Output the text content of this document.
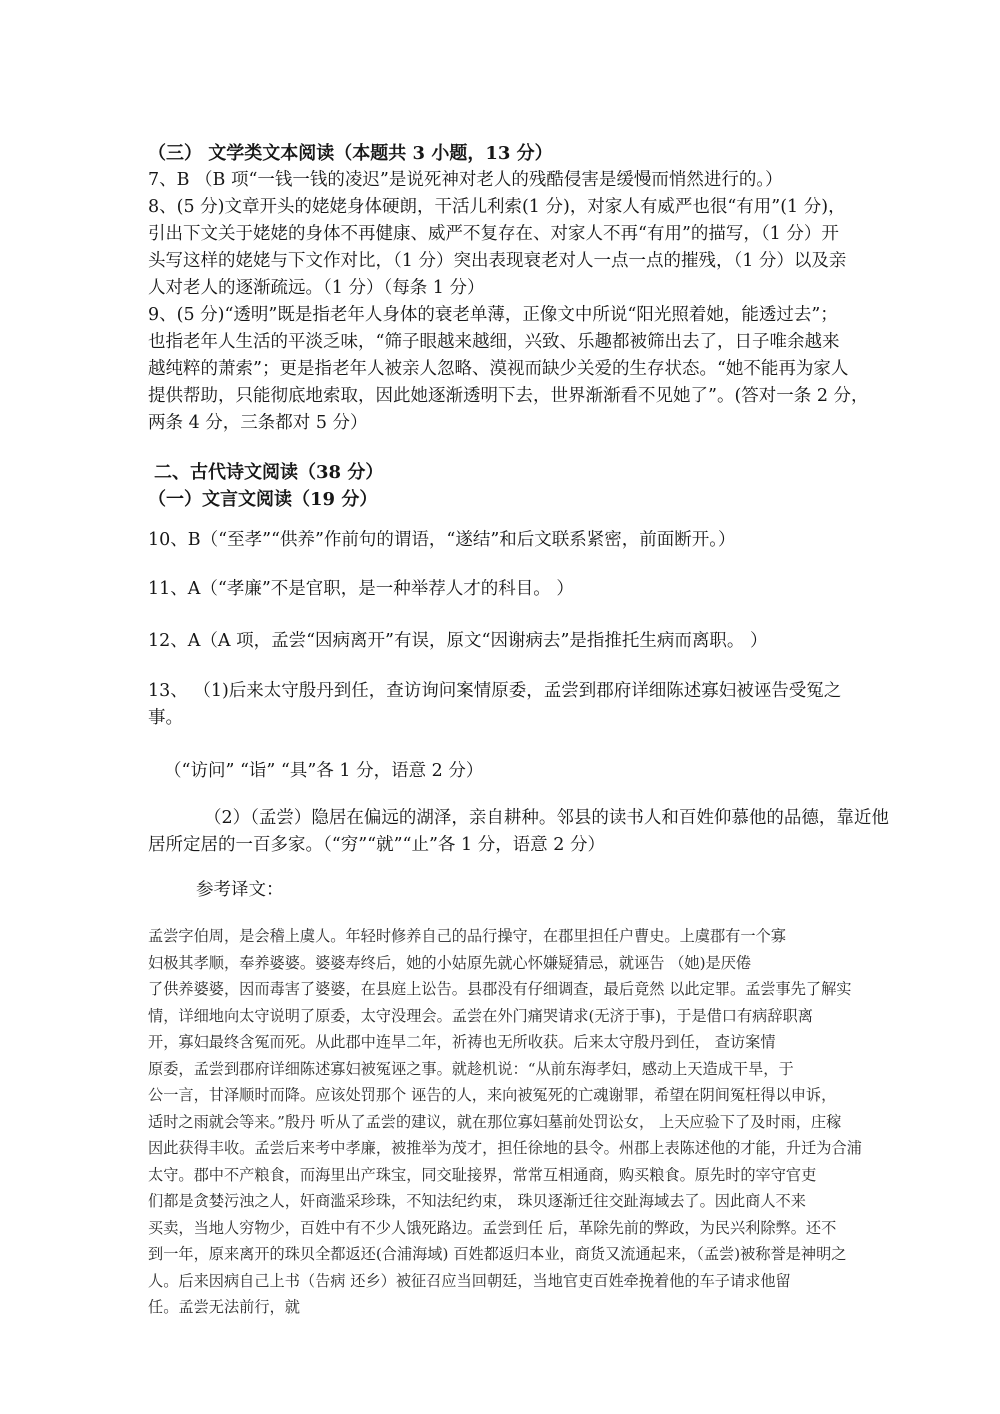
（三） 文学类文本阅读（本题共 3 小题，13 分）

7、B （B 项“一钱一钱的凌迟”是说死神对老人的残酷侵害是缓慢而悄然进行的。）

8、(5 分)文章开头的姥姥身体硬朗，干活儿利索(1 分)，对家人有威严也很“有用”(1 分)，
引出下文关于姥姥的身体不再健康、威严不复存在、对家人不再“有用”的描写，（1 分）开
头写这样的姥姥与下文作对比，（1 分）突出表现衰老对人一点一点的摧残，（1 分）以及亲
人对老人的逐渐疏远。（1 分）（每条 1 分）
9、(5 分)“透明”既是指老年人身体的衰老单薄，正像文中所说“阳光照着她，能透过去”；
也指老年人生活的平淡乏味，“筛子眼越来越细，兴致、乐趣都被筛出去了，日子唯余越来
越纯粹的萧索”；更是指老年人被亲人忽略、漠视而缺少关爱的生存状态。“她不能再为家人
提供帮助，只能彻底地索取，因此她逐渐透明下去，世界渐渐看不见她了”。(答对一条 2 分，
两条 4 分，三条都对 5 分）
二、古代诗文阅读（38 分）
（一）文言文阅读（19 分）

10、B（“至孝”“供养”作前句的谓语，“遂结”和后文联系紧密，前面断开。）

11、A（“孝廉”不是官职，是一种举荐人才的科目。 ）

12、A（A 项，孟尝“因病离开”有误，原文“因谢病去”是指推托生病而离职。 ）

13、 （1)后来太守殷丹到任，查访询问案情原委，孟尝到郡府详细陈述寡妇被诬告受冤之事。

（“访问” “诣” “具”各 1 分，语意 2 分）

（2）（孟尝）隐居在偏远的湖泽，亲自耕种。邻县的读书人和百姓仰慕他的品德，靠近他
居所定居的一百多家。（“穷”“就”“止”各 1 分，语意 2 分）

参考译文：

孟尝字伯周，是会稽上虞人。年轻时修养自己的品行操守，在郡里担任户曹史。上虞郡有一个寡
妇极其孝顺，奉养婆婆。婆婆寿终后，她的小姑原先就心怀嫌疑猜忌，就诬告 （她)是厌倦
了供养婆婆，因而毒害了婆婆，在县庭上讼告。县郡没有仔细调查，最后竟然 以此定罪。孟尝事先了解实
情，详细地向太守说明了原委，太守没理会。孟尝在外门痛哭请求(无济于事)，于是借口有病辞职离
开，寡妇最终含冤而死。从此郡中连旱二年，祈祷也无所收获。后来太守殷丹到任， 查访案情
原委，孟尝到郡府详细陈述寡妇被冤诬之事。就趁机说：“从前东海孝妇，感动上天造成干旱，于
公一言，甘泽顺时而降。应该处罚那个 诬告的人，来向被冤死的亡魂谢罪，希望在阴间冤枉得以申诉，
适时之雨就会等来。”殷丹 听从了孟尝的建议，就在那位寡妇墓前处罚讼女， 上天应验下了及时雨，庄稼
因此获得丰收。孟尝后来考中孝廉，被推举为茂才，担任徐地的县令。州郡上表陈述他的才能，升迁为合浦
太守。郡中不产粮食，而海里出产珠宝，同交耻接界，常常互相通商，购买粮食。原先时的宰守官吏
们都是贪婪污浊之人，奸商滥采珍珠，不知法纪约束， 珠贝逐渐迁往交趾海域去了。因此商人不来
买卖，当地人穷物少，百姓中有不少人饿死路边。孟尝到任 后，革除先前的弊政，为民兴利除弊。还不
到一年，原来离开的珠贝全都返还(合浦海域) 百姓都返归本业，商货又流通起来，（孟尝)被称誉是神明之
人。后来因病自己上书（告病 还乡）被征召应当回朝廷，当地官吏百姓牵挽着他的车子请求他留
任。孟尝无法前行，就
